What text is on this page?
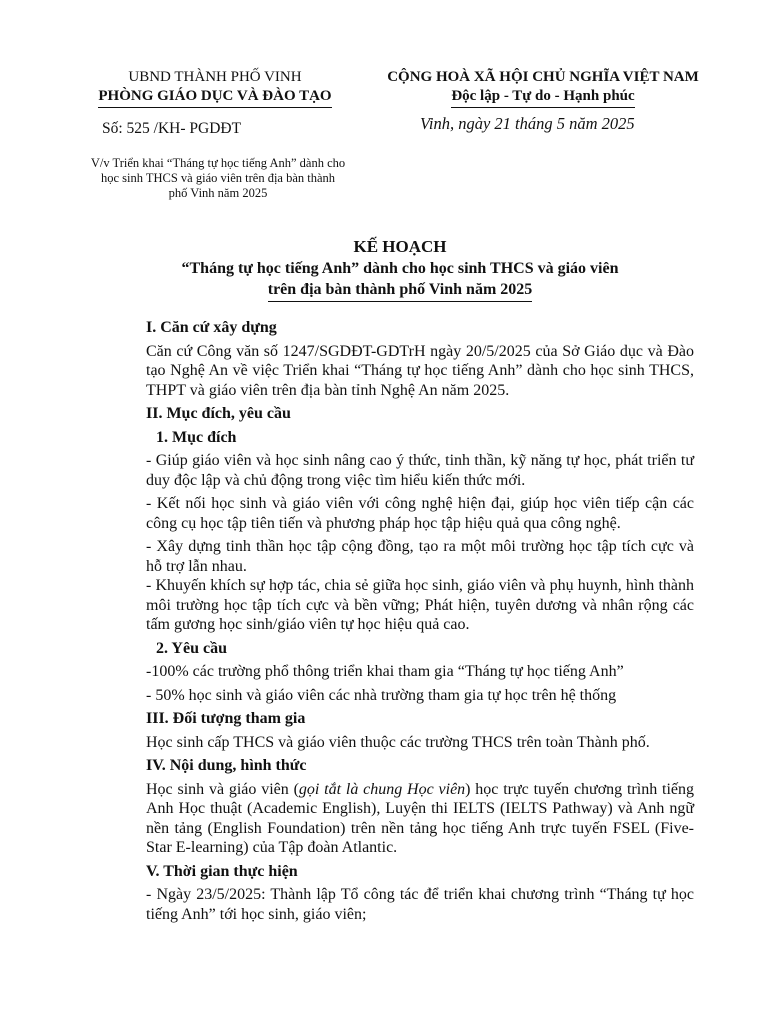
UBND THÀNH PHỐ VINH
PHÒNG GIÁO DỤC VÀ ĐÀO TẠO
CỘNG HOÀ XÃ HỘI CHỦ NGHĨA VIỆT NAM
Độc lập - Tự do - Hạnh phúc
Số: 525 /KH- PGDĐT	Vinh, ngày 21 tháng 5 năm 2025
V/v Triển khai “Tháng tự học tiếng Anh” dành cho
học sinh THCS và giáo viên trên địa bàn thành
phố Vinh năm 2025
KẾ HOẠCH
“Tháng tự học tiếng Anh” dành cho học sinh THCS và giáo viên
trên địa bàn thành phố Vinh năm 2025

I. Căn cứ xây dựng

Căn cứ Công văn số 1247/SGDĐT-GDTrH ngày 20/5/2025 của Sở Giáo dục và Đào tạo Nghệ An về việc Triển khai “Tháng tự học tiếng Anh” dành cho học sinh THCS, THPT và giáo viên trên địa bàn tỉnh Nghệ An năm 2025.

II. Mục đích, yêu cầu

1. Mục đích

- Giúp giáo viên và học sinh nâng cao ý thức, tinh thần, kỹ năng tự học, phát triển tư duy độc lập và chủ động trong việc tìm hiểu kiến thức mới.

- Kết nối học sinh và giáo viên với công nghệ hiện đại, giúp học viên tiếp cận các công cụ học tập tiên tiến và phương pháp học tập hiệu quả qua công nghệ.

- Xây dựng tinh thần học tập cộng đồng, tạo ra một môi trường học tập tích cực và hỗ trợ lẫn nhau.

- Khuyến khích sự hợp tác, chia sẻ giữa học sinh, giáo viên và phụ huynh, hình thành môi trường học tập tích cực và bền vững; Phát hiện, tuyên dương và nhân rộng các tấm gương học sinh/giáo viên tự học hiệu quả cao.

2. Yêu cầu

-100% các trường phổ thông triển khai tham gia “Tháng tự học tiếng Anh”

- 50% học sinh và giáo viên các nhà trường tham gia tự học trên hệ thống

III. Đối tượng tham gia

Học sinh cấp THCS và giáo viên thuộc các trường THCS trên toàn Thành phố.

IV. Nội dung, hình thức

Học sinh và giáo viên (gọi tắt là chung Học viên) học trực tuyến chương trình tiếng Anh Học thuật (Academic English), Luyện thi IELTS (IELTS Pathway) và Anh ngữ nền tảng (English Foundation) trên nền tảng học tiếng Anh trực tuyến FSEL (Five-Star E-learning) của Tập đoàn Atlantic.

V. Thời gian thực hiện

- Ngày 23/5/2025: Thành lập Tổ công tác để triển khai chương trình “Tháng tự học tiếng Anh” tới học sinh, giáo viên;
